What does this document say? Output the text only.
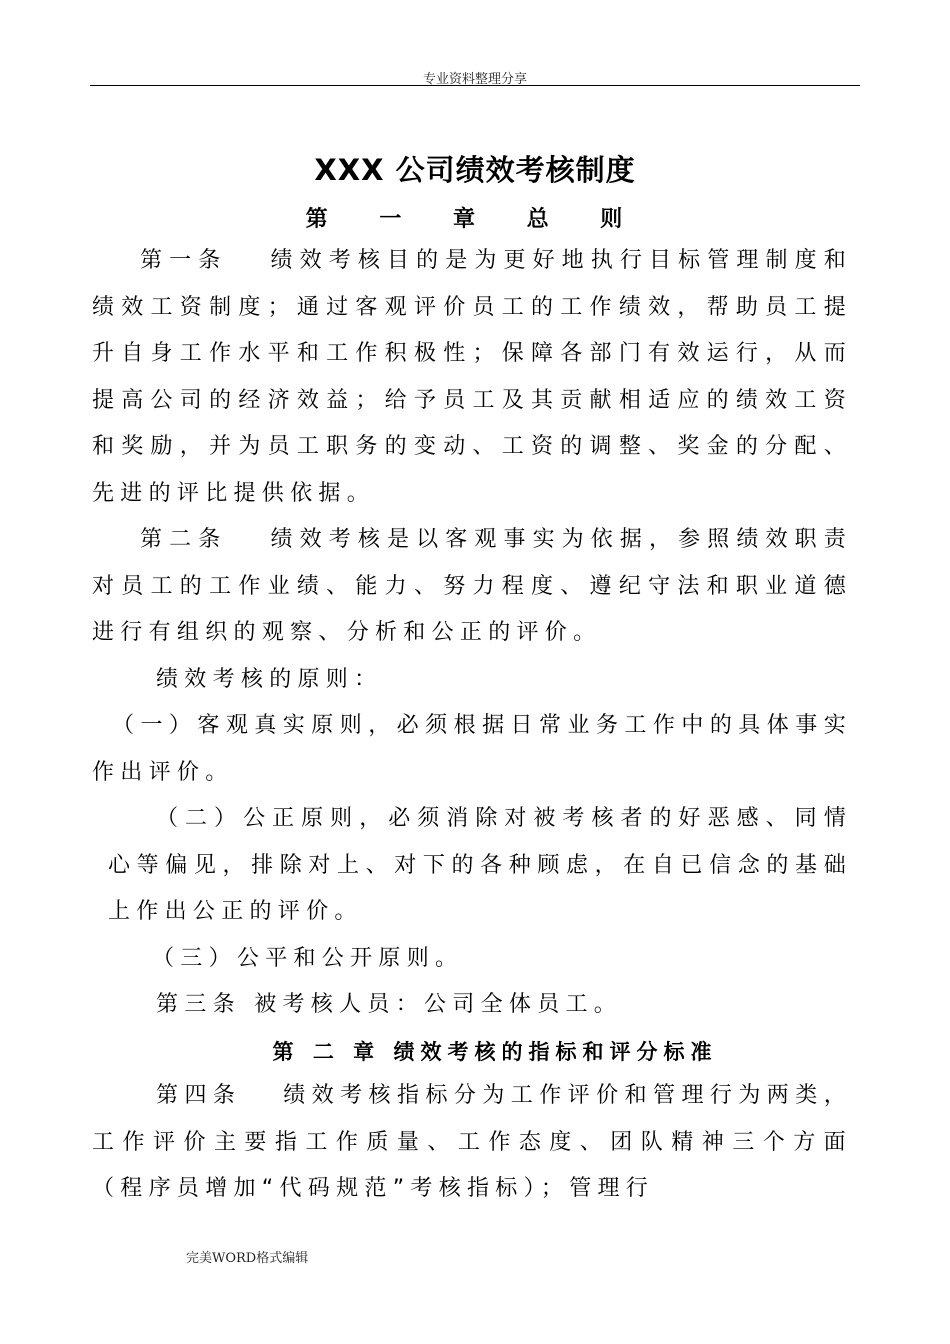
专业资料整理分享
XXX 公司绩效考核制度
第 一 章 总 则

第一条　 绩效考核目的是为更好地执行目标管理制度和绩效工资制度；通过客观评价员工的工作绩效，帮助员工提升自身工作水平和工作积极性；保障各部门有效运行，从而提高公司的经济效益；给予员工及其贡献相适应的绩效工资和奖励，并为员工职务的变动、工资的调整、奖金的分配、先进的评比提供依据。

第二条　 绩效考核是以客观事实为依据，参照绩效职责对员工的工作业绩、能力、努力程度、遵纪守法和职业道德进行有组织的观察、分析和公正的评价。

绩效考核的原则：

（一）客观真实原则，必须根据日常业务工作中的具体事实作出评价。

（二）公正原则，必须消除对被考核者的好恶感、同情心等偏见，排除对上、对下的各种顾虑，在自已信念的基础上作出公正的评价。

（三）公平和公开原则。

第三条 被考核人员：公司全体员工。

第 二 章 绩效考核的指标和评分标准

第四条　 绩效考核指标分为工作评价和管理行为两类，工作评价主要指工作质量、工作态度、团队精神三个方面（程序员增加“代码规范”考核指标）；管理行

完美WORD格式编辑
